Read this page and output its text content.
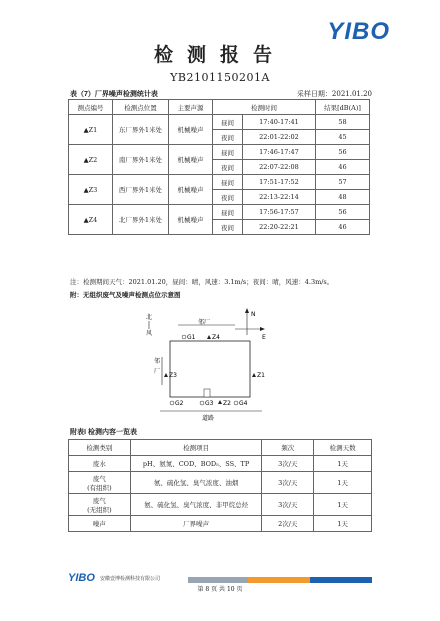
YIBO
检测报告
YB2101150201A
表（7）厂界噪声检测统计表	采样日期：2021.01.20
测点编号	检测点位置	主要声源	检测时间		结果[dB(A)]
▲Z1	东厂界外1米处	机械噪声	昼间	17:40-17:41	58
			夜间	22:01-22:02	45
▲Z2	南厂界外1米处	机械噪声	昼间	17:46-17:47	56
			夜间	22:07-22:08	46
▲Z3	西厂界外1米处	机械噪声	昼间	17:51-17:52	57
			夜间	22:13-22:14	48
▲Z4	北厂界外1米处	机械噪声	昼间	17:56-17:57	56
			夜间	22:20-22:21	46
注：检测期间天气：2021.01.20，昼间：晴，风速：3.1m/s；夜间：晴，风速：4.3m/s。
附：无组织废气及噪声检测点位示意图
北
风
邻厂
N
E
G1	Z4
邻
厂
Z3	Z1
G2	G3 Z2 G4
道路
附表Ⅰ 检测内容一览表
检测类别	检测项目	频次	检测天数
废水	pH、氨氮、COD、BOD₅、SS、TP	3次/天	1天

废气
(有组织)	氨、硫化氢、臭气浓度、油烟	3次/天	1天

废气
(无组织)	氨、硫化氢、臭气浓度、非甲烷总烃	3次/天	1天
噪声	厂界噪声	2次/天	1天
YIBO 安徽壹博检测科技有限公司
第 8 页 共 10 页
